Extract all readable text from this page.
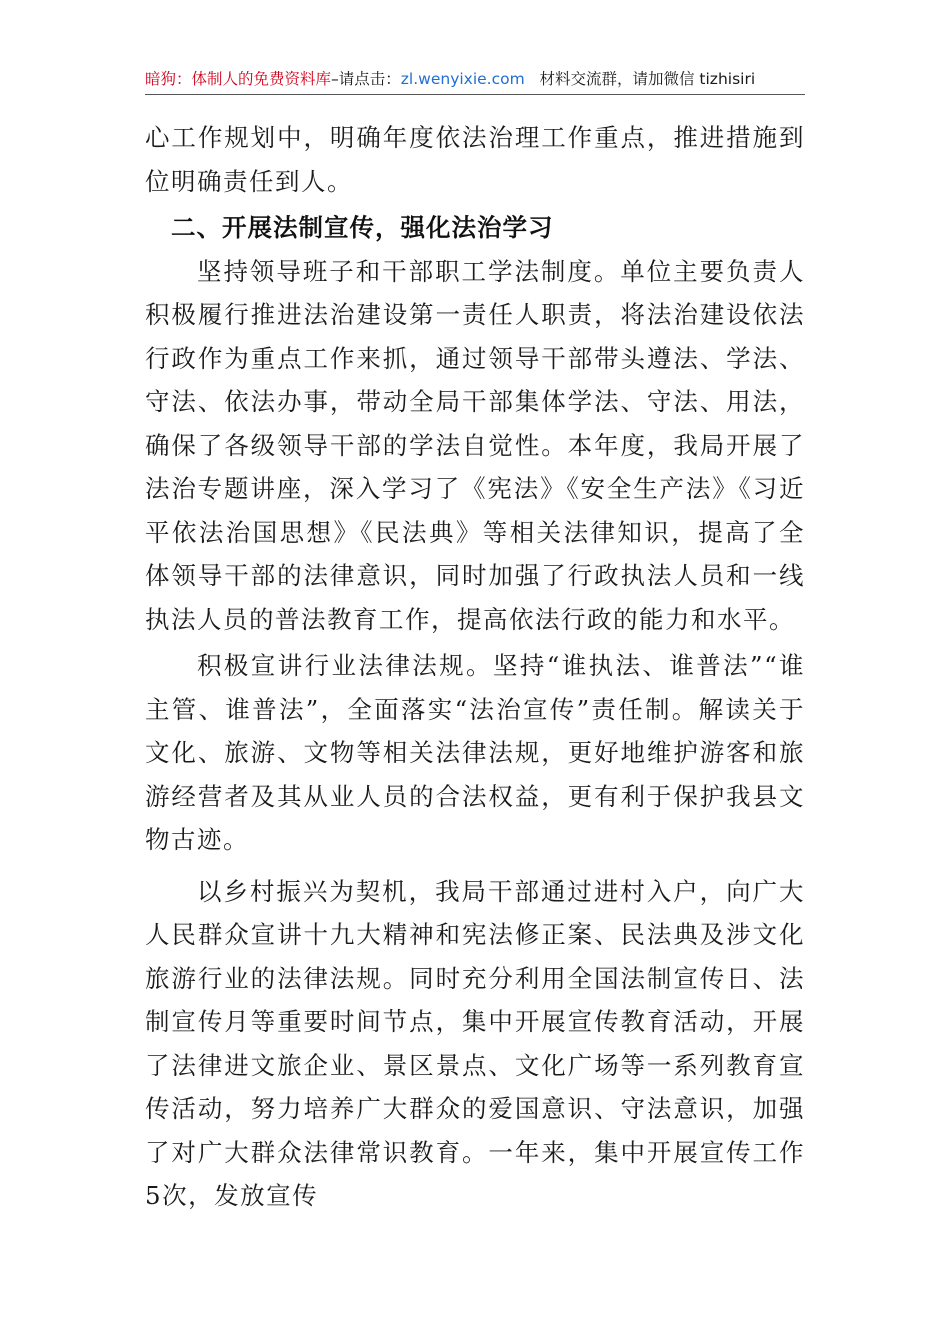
暗狗：体制人的免费资料库–请点击：zl.wenyixie.com 材料交流群，请加微信 tizhisiri

心工作规划中，明确年度依法治理工作重点，推进措施到位明确责任到人。

二、开展法制宣传，强化法治学习

坚持领导班子和干部职工学法制度。单位主要负责人积极履行推进法治建设第一责任人职责，将法治建设依法行政作为重点工作来抓，通过领导干部带头遵法、学法、守法、依法办事，带动全局干部集体学法、守法、用法，确保了各级领导干部的学法自觉性。本年度，我局开展了法治专题讲座，深入学习了《宪法》《安全生产法》《习近平依法治国思想》《民法典》等相关法律知识，提高了全体领导干部的法律意识，同时加强了行政执法人员和一线执法人员的普法教育工作，提高依法行政的能力和水平。

积极宣讲行业法律法规。坚持“谁执法、谁普法”“谁主管、谁普法”，全面落实“法治宣传”责任制。解读关于文化、旅游、文物等相关法律法规，更好地维护游客和旅游经营者及其从业人员的合法权益，更有利于保护我县文物古迹。

以乡村振兴为契机，我局干部通过进村入户，向广大人民群众宣讲十九大精神和宪法修正案、民法典及涉文化旅游行业的法律法规。同时充分利用全国法制宣传日、法制宣传月等重要时间节点，集中开展宣传教育活动，开展了法律进文旅企业、景区景点、文化广场等一系列教育宣传活动，努力培养广大群众的爱国意识、守法意识，加强了对广大群众法律常识教育。一年来，集中开展宣传工作5次，发放宣传
